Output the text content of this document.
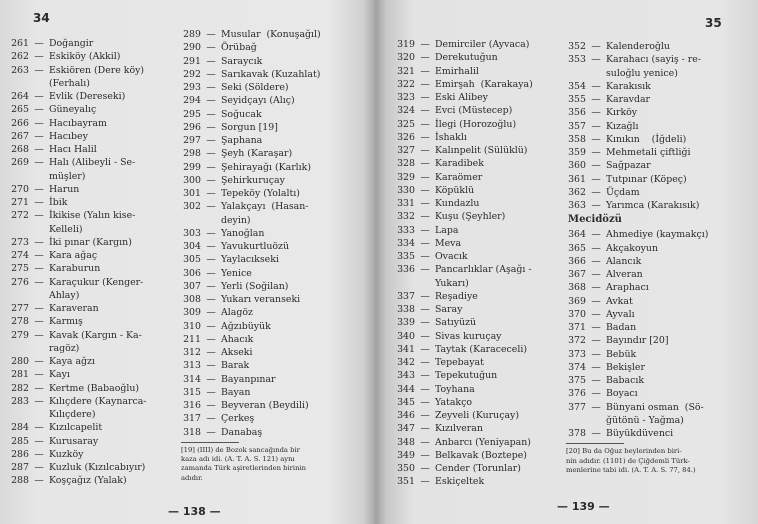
34
261 — Doğangir
262 — Eskiköy (Akkil)
263 — Eskiören (Dere köy)
(Ferhalı)
264 — Evlik (Dereseki)
265 — Güneyalıç
266 — Hacıbayram
267 — Hacıbey
268 — Hacı Halil
269 — Halı (Alibeyli - Se-
müşler)
270 — Harun
271 — İbik
272 — İkikise (Yalın kise-
Kelleli)
273 — İki pınar (Kargın)
274 — Kara ağaç
275 — Karaburun
276 — Karaçukur (Kenger-
Ahlay)
277 — Karaveran
278 — Karmış
279 — Kavak (Kargın - Ka-
ragöz)
280 — Kaya ağzı
281 — Kayı
282 — Kertme (Babaoğlu)
283 — Kılıçdere (Kaynarca-
Kılıçdere)
284 — Kızılcapelit
285 — Kurusaray
286 — Kuzköy
287 — Kuzluk (Kızılcabıyır)
288 — Koşçağız (Yalak)
289 — Musular  (Konuşağıl)
290 — Örübağ
291 — Saraycık
292 — Sarıkavak (Kuzahlat)
293 — Seki (Söldere)
294 — Seyidçayı (Alıç)
295 — Soğucak
296 — Sorgun [19]
297 — Şaphana
298 — Şeyh (Karaşar)
299 — Şehirayağı (Karlık)
300 — Şehirkuruçay
301 — Tepeköy (Yolaltı)
302 — Yalakçayı  (Hasan-
deyin)
303 — Yanoğlan
304 — Yavukurtluözü
305 — Yaylacıkseki
306 — Yenice
307 — Yerli (Soğilan)
308 — Yukarı veranseki
309 — Alagöz
310 — Ağzıbüyük
211 — Ahacık
312 — Akseki
313 — Barak
314 — Bayanpınar
315 — Bayan
316 — Beyveran (Beydili)
317 — Çerkeş
318 — Danabaş
[19] (IIII) de Bozok sancağında bir
kaza adı idi. (A. T. A. S. 121) aynı
zamanda Türk aşiretlerinden birinin
adıdır.
— 138 —
35
319 — Demirciler (Ayvaca)
320 — Derekutuğun
321 — Emirhalil
322 — Emirşah  (Karakaya)
323 — Eski Alibey
324 — Evci (Müstecep)
325 — İlegi (Horozoğlu)
326 — İshaklı
327 — Kalınpelit (Sülüklü)
328 — Karadibek
329 — Karaömer
330 — Köpüklü
331 — Kundazlu
332 — Kuşu (Şeyhler)
333 — Lapa
334 — Meva
335 — Ovacık
336 — Pancarlıklar (Aşağı -
Yukarı)
337 — Reşadiye
338 — Saray
339 — Satıyüzü
340 — Sivas kuruçay
341 — Taytak (Karaceceli)
342 — Tepebayat
343 — Tepekutuğun
344 — Toyhana
345 — Yatakço
346 — Zeyveli (Kuruçay)
347 — Kızılveran
348 — Anbarcı (Yeniyapan)
349 — Belkavak (Boztepe)
350 — Cender (Torunlar)
351 — Eskiçeltek
352 — Kalenderoğlu
353 — Karahacı (sayiş - re-
suloğlu yenice)
354 — Karakısık
355 — Karavdar
356 — Kırköy
357 — Kızağlı
358 — Kınıkın    (İğdeli)
359 — Mehmetali çiftliği
360 — Sağpazar
361 — Tutpınar (Köpeç)
362 — Üçdam
363 — Yarımca (Karakısık)
Mecidözü
364 — Ahmediye (kaymakçı)
365 — Akçakoyun
366 — Alancık
367 — Alveran
368 — Araphacı
369 — Avkat
370 — Ayvalı
371 — Badan
372 — Bayındır [20]
373 — Bebük
374 — Bekişler
375 — Babacık
376 — Boyacı
377 — Bünyani osman  (Sö-
ğütönü - Yağma)
378 — Büyükdüvenci
[20] Bu da Oğuz beylerinden biri-
nin adıdır. (1101) de Çiğdemli Türk-
menlerine tabi idi. (A. T. A. S. 77, 84.)
— 139 —
